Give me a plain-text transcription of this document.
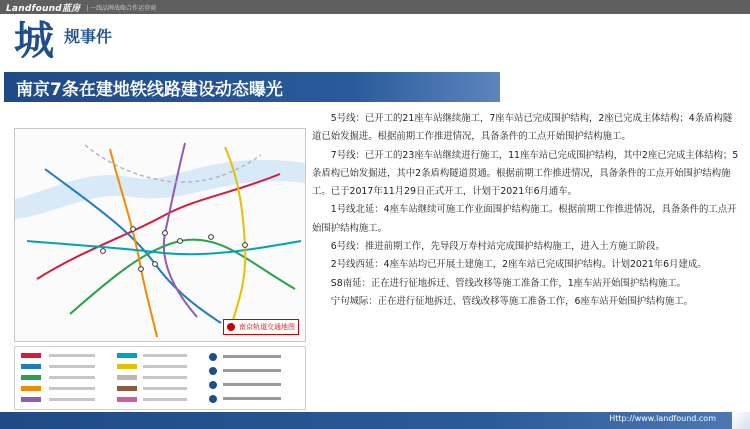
Landfound蓝房 | 一线品牌战略合作运营商
城 规事件
南京7条在建地铁线路建设动态曝光
南京轨道交通地图

5号线：已开工的21座车站继续施工，7座车站已完成围护结构，2座已完成主体结构；4条盾构隧道已始发掘进。根据前期工作推进情况，具备条件的工点开始围护结构施工。

7号线：已开工的23座车站继续进行施工，11座车站已完成围护结构，其中2座已完成主体结构；5条盾构已始发掘进，其中2条盾构隧道贯通。根据前期工作推进情况，具备条件的工点开始围护结构施工。已于2017年11月29日正式开工，计划于2021年6月通车。

1号线北延：4座车站继续可施工作业面围护结构施工。根据前期工作推进情况，具备条件的工点开始围护结构施工。

6号线：推进前期工作，先导段万寿村站完成围护结构施工，进入土方施工阶段。

2号线西延：4座车站均已开展土建施工，2座车站已完成围护结构。计划2021年6月建成。

S8南延：正在进行征地拆迁、管线改移等施工准备工作，1座车站开始围护结构施工。

宁句城际：正在进行征地拆迁、管线改移等施工准备工作，6座车站开始围护结构施工。

Http://www.landfound.com
